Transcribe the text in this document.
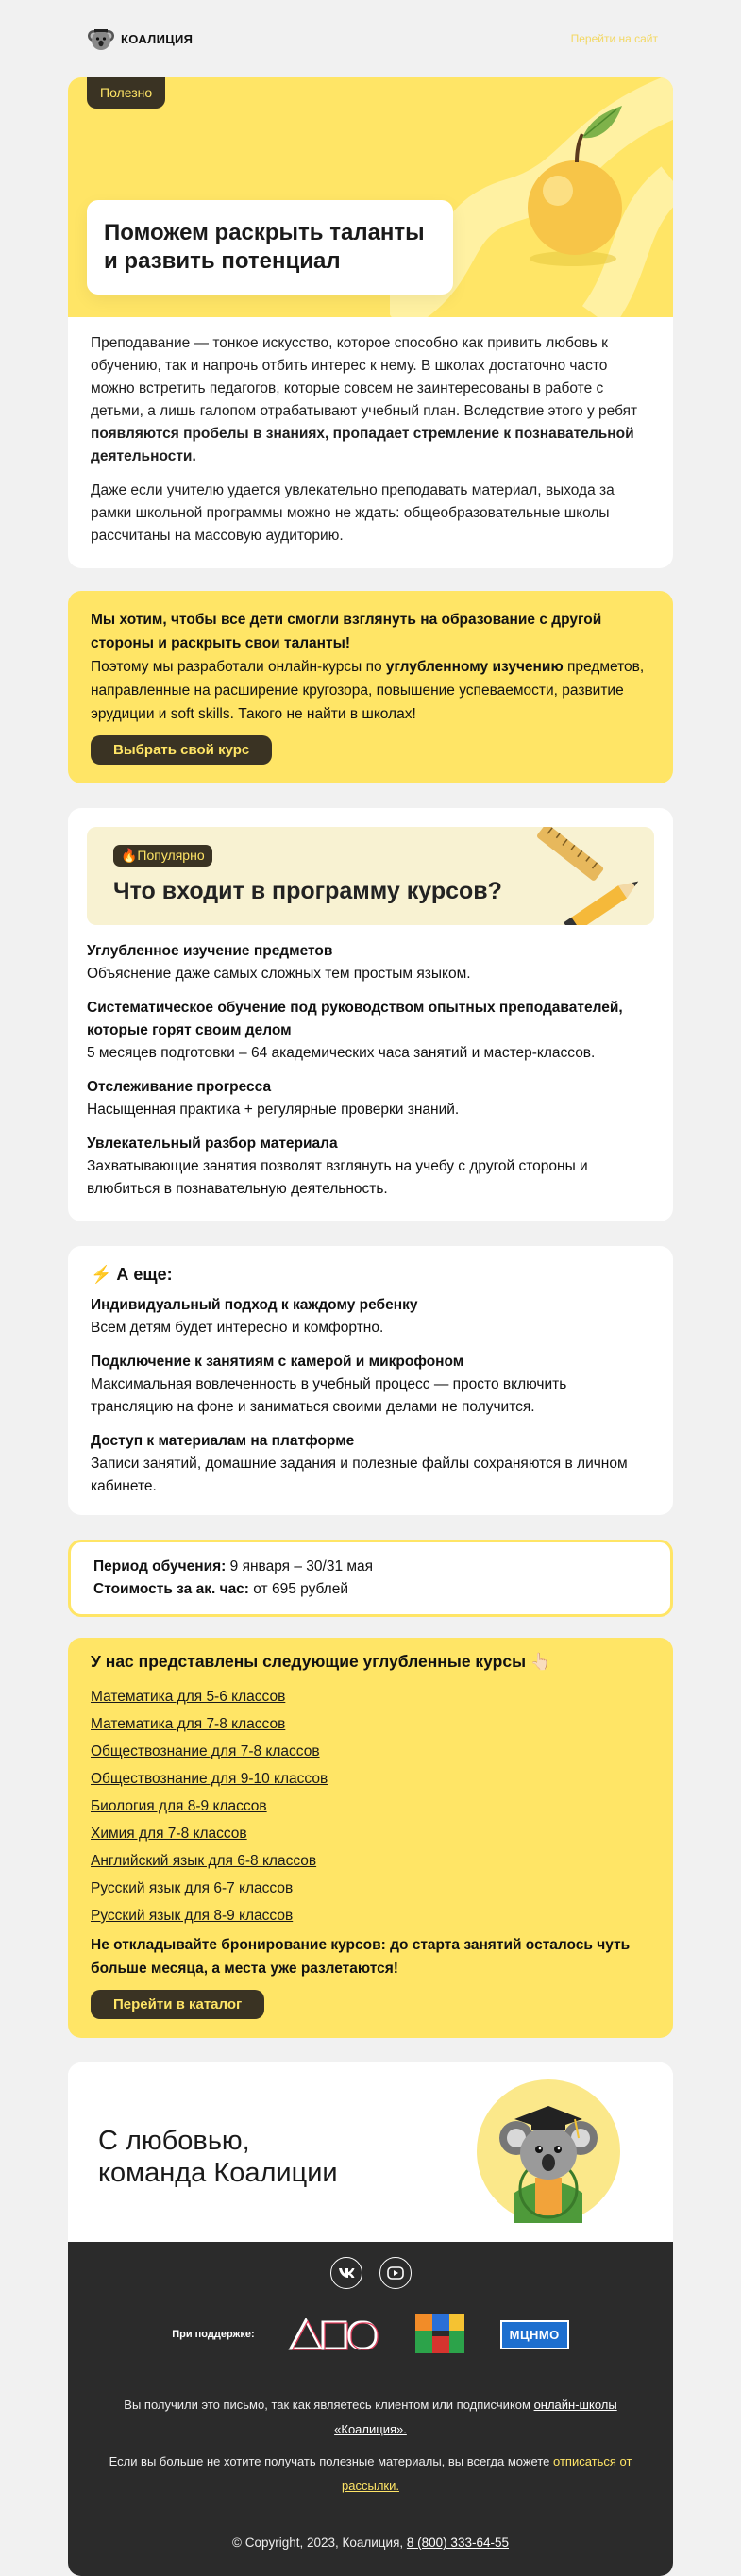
КОАЛИЦИЯ	Перейти на сайт
Полезно
Поможем раскрыть таланты и развить потенциал

Преподавание — тонкое искусство, которое способно как привить любовь к обучению, так и напрочь отбить интерес к нему. В школах достаточно часто можно встретить педагогов, которые совсем не заинтересованы в работе с детьми, а лишь галопом отрабатывают учебный план. Вследствие этого у ребят появляются пробелы в знаниях, пропадает стремление к познавательной деятельности.

Даже если учителю удается увлекательно преподавать материал, выхода за рамки школьной программы можно не ждать: общеобразовательные школы рассчитаны на массовую аудиторию.

Мы хотим, чтобы все дети смогли взглянуть на образование с другой стороны и раскрыть свои таланты!

Поэтому мы разработали онлайн-курсы по углубленному изучению предметов, направленные на расширение кругозора, повышение успеваемости, развитие эрудиции и soft skills. Такого не найти в школах!

Выбрать свой курс
🔥Популярно
Что входит в программу курсов?
Углубленное изучение предметов
Объяснение даже самых сложных тем простым языком.
Систематическое обучение под руководством опытных преподавателей, которые горят своим делом
5 месяцев подготовки – 64 академических часа занятий и мастер-классов.
Отслеживание прогресса
Насыщенная практика + регулярные проверки знаний.
Увлекательный разбор материала
Захватывающие занятия позволят взглянуть на учебу с другой стороны и влюбиться в познавательную деятельность.
⚡ А еще:
Индивидуальный подход к каждому ребенку
Всем детям будет интересно и комфортно.
Подключение к занятиям с камерой и микрофоном
Максимальная вовлеченность в учебный процесс — просто включить трансляцию на фоне и заниматься своими делами не получится.
Доступ к материалам на платформе
Записи занятий, домашние задания и полезные файлы сохраняются в личном кабинете.
Период обучения: 9 января – 30/31 мая
Стоимость за ак. час: от 695 рублей
У нас представлены следующие углубленные курсы 👆🏻
Математика для 5-6 классов
Математика для 7-8 классов
Обществознание для 7-8 классов
Обществознание для 9-10 классов
Биология для 8-9 классов
Химия для 7-8 классов
Английский язык для 6-8 классов
Русский язык для 6-7 классов
Русский язык для 8-9 классов

Не откладывайте бронирование курсов: до старта занятий осталось чуть больше месяца, а места уже разлетаются!

Перейти в каталог
С любовью,
команда Коалиции
При поддержке:	МЦНМО

Вы получили это письмо, так как являетесь клиентом или подписчиком онлайн-школы «Коалиция».

Если вы больше не хотите получать полезные материалы, вы всегда можете отписаться от рассылки.

© Copyright, 2023, Коалиция, 8 (800) 333-64-55
